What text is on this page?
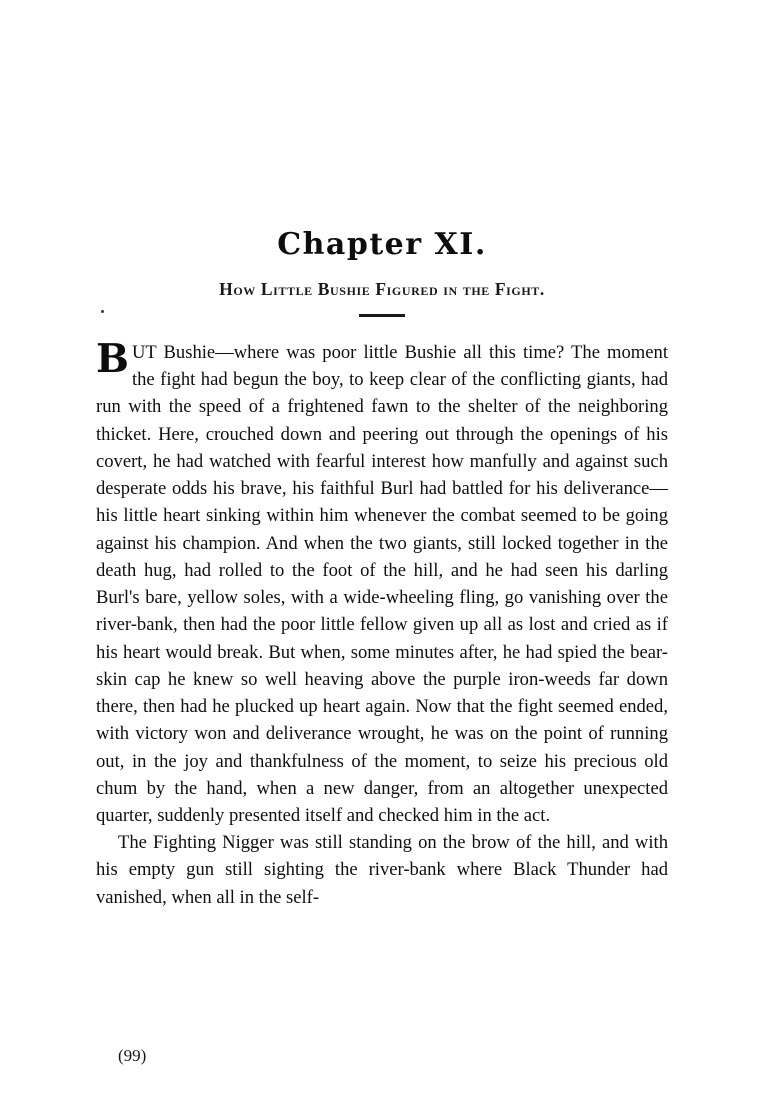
Chapter XI.
How Little Bushie Figured in the Fight.

BUT Bushie—where was poor little Bushie all this time? The moment the fight had begun the boy, to keep clear of the conflicting giants, had run with the speed of a frightened fawn to the shelter of the neighboring thicket. Here, crouched down and peering out through the openings of his covert, he had watched with fearful interest how manfully and against such desperate odds his brave, his faithful Burl had battled for his deliverance—his little heart sinking within him whenever the combat seemed to be going against his champion. And when the two giants, still locked together in the death hug, had rolled to the foot of the hill, and he had seen his darling Burl's bare, yellow soles, with a wide-wheeling fling, go vanishing over the river-bank, then had the poor little fellow given up all as lost and cried as if his heart would break. But when, some minutes after, he had spied the bear-skin cap he knew so well heaving above the purple iron-weeds far down there, then had he plucked up heart again. Now that the fight seemed ended, with victory won and deliverance wrought, he was on the point of running out, in the joy and thankfulness of the moment, to seize his precious old chum by the hand, when a new danger, from an altogether unexpected quarter, suddenly presented itself and checked him in the act.

The Fighting Nigger was still standing on the brow of the hill, and with his empty gun still sighting the river-bank where Black Thunder had vanished, when all in the self-

(99)
